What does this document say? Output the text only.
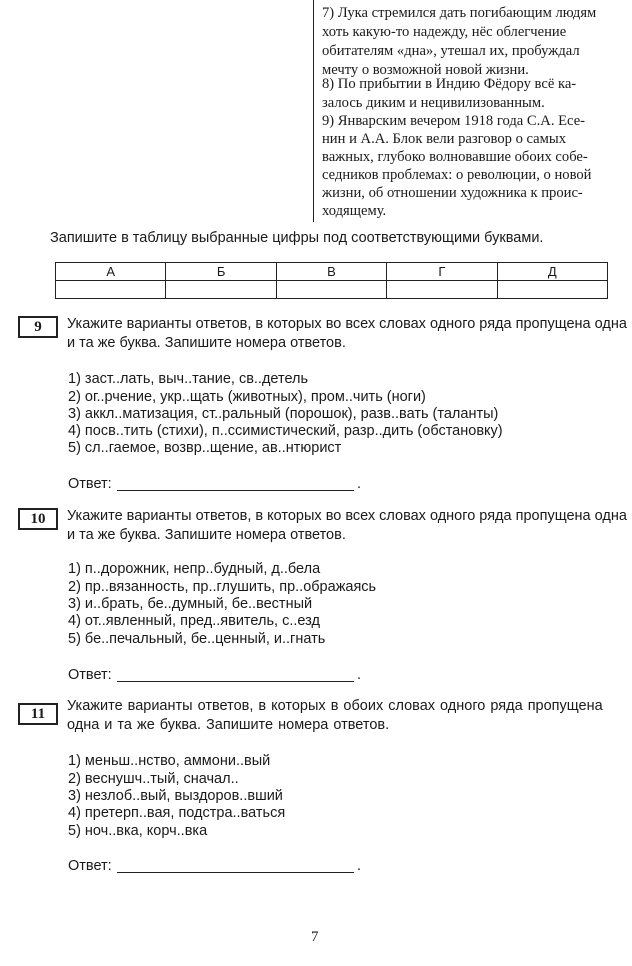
7) Лука стремился дать погибающим людям
хоть какую-то надежду, нёс облегчение
обитателям «дна», утешал их, пробуждал
мечту о возможной новой жизни.
8) По прибытии в Индию Фёдору всё ка-
залось диким и нецивилизованным.
9) Январским вечером 1918 года С.А. Есе-
нин и А.А. Блок вели разговор о самых
важных, глубоко волновавшие обоих собе-
седников проблемах: о революции, о новой
жизни, об отношении художника к проис-
ходящему.
Запишите в таблицу выбранные цифры под соответствующими буквами.
А	Б	В	Г	Д

9	Укажите варианты ответов, в которых во всех словах одного ряда пропущена одна
и та же буква. Запишите номера ответов.
1) заст..лать, выч..тание, св..детель
2) ог..рчение, укр..щать (животных), пром..чить (ноги)
3) аккл..матизация, ст..ральный (порошок), разв..вать (таланты)
4) посв..тить (стихи), п..ссимистический, разр..дить (обстановку)
5) сл..гаемое, возвр..щение, ав..нтюрист
Ответ:	.
10	Укажите варианты ответов, в которых во всех словах одного ряда пропущена одна
и та же буква. Запишите номера ответов.
1) п..дорожник, непр..будный, д..бела
2) пр..вязанность, пр..глушить, пр..ображаясь
3) и..брать, бе..думный, бе..вестный
4) от..явленный, пред..явитель, с..езд
5) бе..печальный, бе..ценный, и..гнать
Ответ:	.
11	Укажите варианты ответов, в которых в обоих словах одного ряда пропущена
одна и та же буква. Запишите номера ответов.
1) меньш..нство, аммони..вый
2) веснушч..тый, сначал..
3) незлоб..вый, выздоров..вший
4) претерп..вая, подстра..ваться
5) ноч..вка, корч..вка
Ответ:	.
7
